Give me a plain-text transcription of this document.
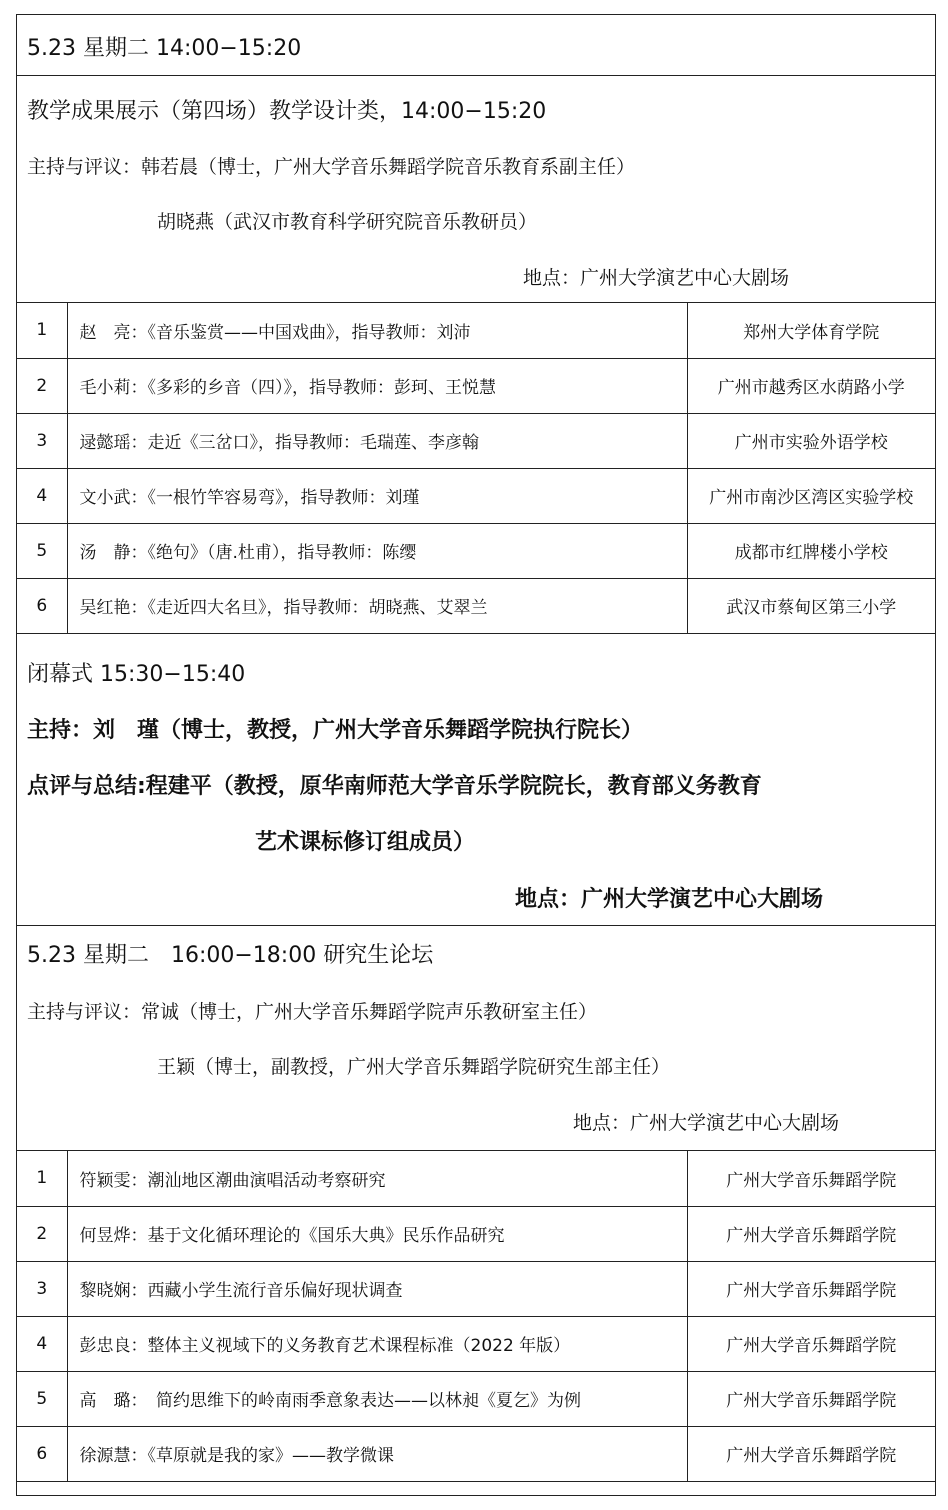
5.23 星期二 14:00−15:20
教学成果展示（第四场）教学设计类，14:00−15:20
主持与评议：韩若晨（博士，广州大学音乐舞蹈学院音乐教育系副主任）
胡晓燕（武汉市教育科学研究院音乐教研员）
地点：广州大学演艺中心大剧场
1	赵　亮：《音乐鉴赏——中国戏曲》，指导教师：刘沛	郑州大学体育学院
2	毛小莉：《多彩的乡音（四）》，指导教师：彭珂、王悦慧	广州市越秀区水荫路小学
3	逯懿瑶：走近《三岔口》，指导教师：毛瑞莲、李彦翰	广州市实验外语学校
4	文小武：《一根竹竿容易弯》，指导教师：刘瑾	广州市南沙区湾区实验学校
5	汤　静：《绝句》（唐.杜甫），指导教师：陈缨	成都市红牌楼小学校
6	吴红艳：《走近四大名旦》，指导教师：胡晓燕、艾翠兰	武汉市蔡甸区第三小学
闭幕式 15:30−15:40
主持：刘　瑾（博士，教授，广州大学音乐舞蹈学院执行院长）
点评与总结:程建平（教授，原华南师范大学音乐学院院长，教育部义务教育
艺术课标修订组成员）
地点：广州大学演艺中心大剧场
5.23 星期二　16:00−18:00 研究生论坛
主持与评议：常诚（博士，广州大学音乐舞蹈学院声乐教研室主任）
王颖（博士，副教授，广州大学音乐舞蹈学院研究生部主任）
地点：广州大学演艺中心大剧场
1	符颖雯：潮汕地区潮曲演唱活动考察研究	广州大学音乐舞蹈学院
2	何昱烨：基于文化循环理论的《国乐大典》民乐作品研究	广州大学音乐舞蹈学院
3	黎晓娴：西藏小学生流行音乐偏好现状调查	广州大学音乐舞蹈学院
4	彭忠良：整体主义视域下的义务教育艺术课程标准（2022 年版）	广州大学音乐舞蹈学院
5	高　璐：　简约思维下的岭南雨季意象表达——以林昶《夏乞》为例	广州大学音乐舞蹈学院
6	徐源慧：《草原就是我的家》——教学微课	广州大学音乐舞蹈学院
